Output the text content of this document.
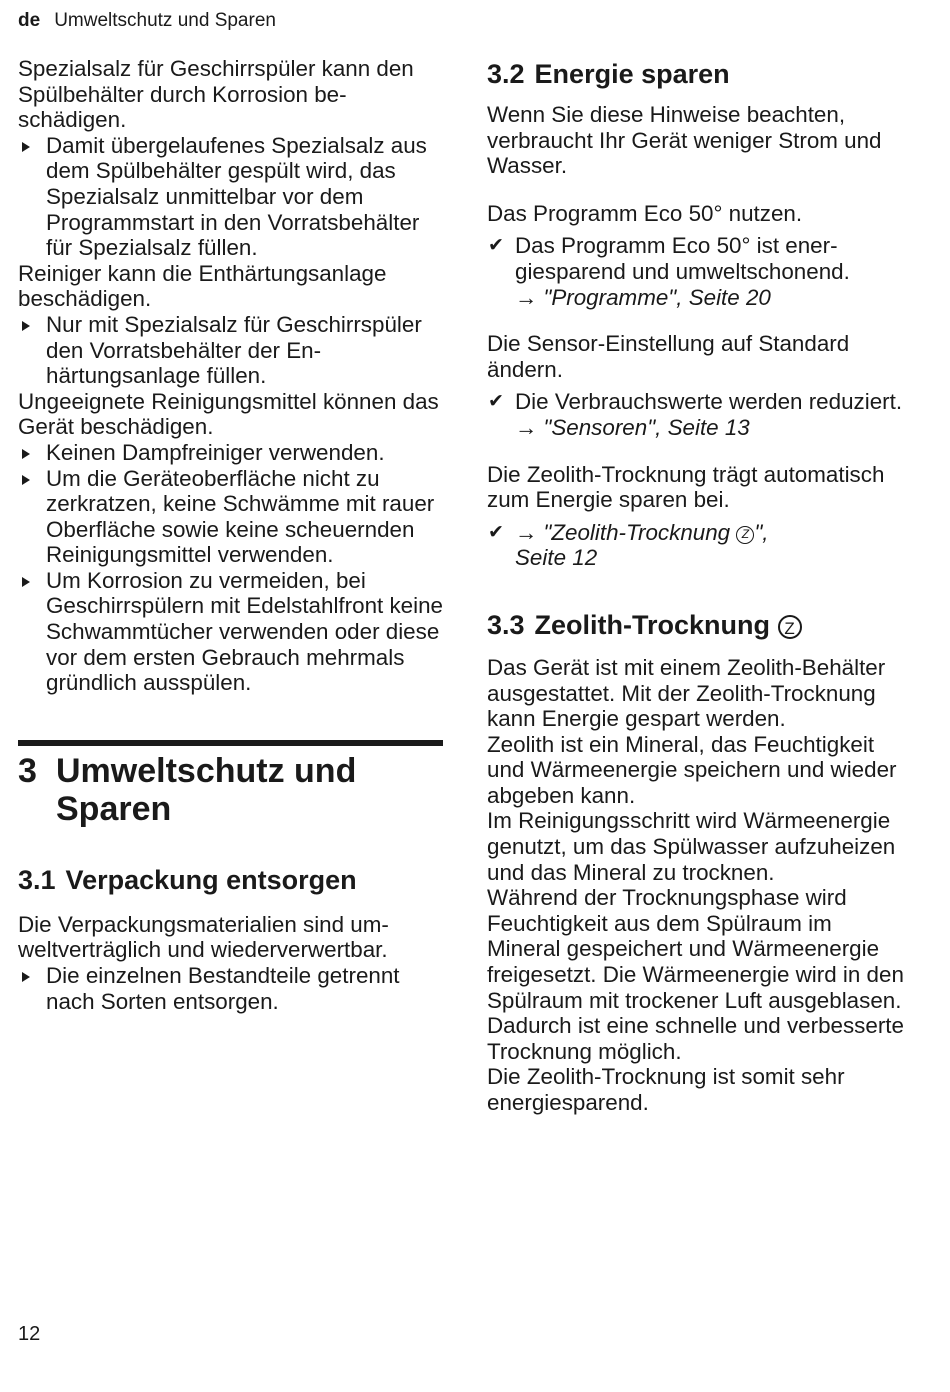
de Umweltschutz und Sparen

Spezialsalz für Geschirrspüler kann den Spülbehälter durch Korrosion beschädigen.

Damit übergelaufenes Spezialsalz aus dem Spülbehälter gespült wird, das Spezialsalz unmittelbar vor dem Programmstart in den Vorratsbehälter für Spezialsalz füllen.

Reiniger kann die Enthärtungsanlage beschädigen.

Nur mit Spezialsalz für Geschirrspüler den Vorratsbehälter der Enhärtungsanlage füllen.

Ungeeignete Reinigungsmittel können das Gerät beschädigen.

Keinen Dampfreiniger verwenden.
Um die Geräteoberfläche nicht zu zerkratzen, keine Schwämme mit rauer Oberfläche sowie keine scheuernden Reinigungsmittel verwenden.
Um Korrosion zu vermeiden, bei Geschirrspülern mit Edelstahlfront keine Schwammtücher verwenden oder diese vor dem ersten Gebrauch mehrmals gründlich ausspülen.
3 Umweltschutz und Sparen
3.1 Verpackung entsorgen

Die Verpackungsmaterialien sind umweltverträglich und wiederverwertbar.

Die einzelnen Bestandteile getrennt nach Sorten entsorgen.
3.2 Energie sparen

Wenn Sie diese Hinweise beachten, verbraucht Ihr Gerät weniger Strom und Wasser.

Das Programm Eco 50° nutzen.

✔ Das Programm Eco 50° ist energiesparend und umweltschonend.
→ "Programme", Seite 20

Die Sensor-Einstellung auf Standard ändern.

✔ Die Verbrauchswerte werden reduziert.
→ "Sensoren", Seite 13

Die Zeolith-Trocknung trägt automatisch zum Energie sparen bei.

✔ → "Zeolith-Trocknung Z ",
Seite 12
3.3 Zeolith-Trocknung Z

Das Gerät ist mit einem Zeolith-Behälter ausgestattet. Mit der Zeolith-Trocknung kann Energie gespart werden.

Zeolith ist ein Mineral, das Feuchtigkeit und Wärmeenergie speichern und wieder abgeben kann.

Im Reinigungsschritt wird Wärmeenergie genutzt, um das Spülwasser aufzuheizen und das Mineral zu trocknen.

Während der Trocknungsphase wird Feuchtigkeit aus dem Spülraum im Mineral gespeichert und Wärmeenergie freigesetzt. Die Wärmeenergie wird in den Spülraum mit trockener Luft ausgeblasen. Dadurch ist eine schnelle und verbesserte Trocknung möglich.

Die Zeolith-Trocknung ist somit sehr energiesparend.

12
